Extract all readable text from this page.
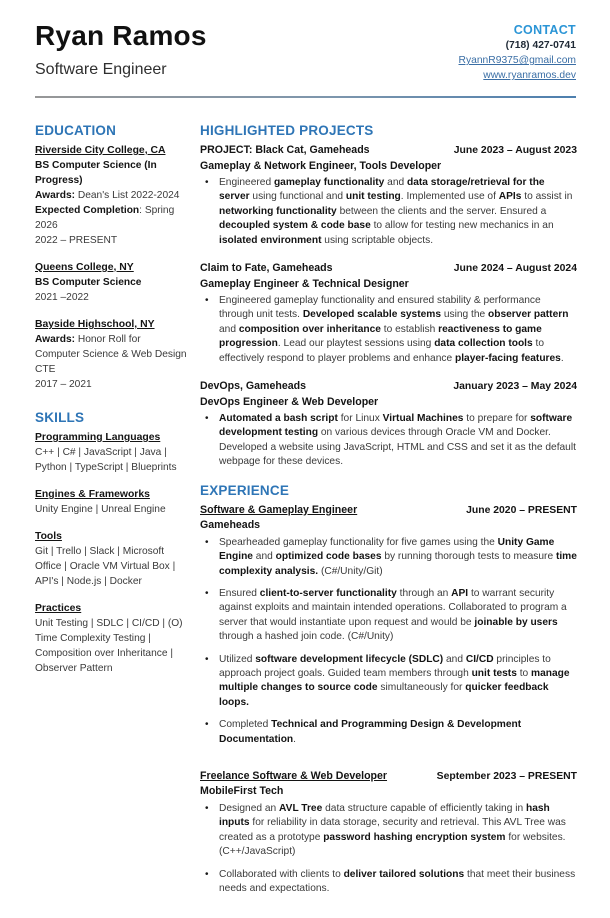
Ryan Ramos
Software Engineer
CONTACT
(718) 427-0741
RyannR9375@gmail.com
www.ryanramos.dev
EDUCATION
Riverside City College, CA
BS Computer Science (In Progress)
Awards: Dean's List 2022-2024
Expected Completion: Spring 2026
2022 – PRESENT
Queens College, NY
BS Computer Science
2021 –2022
Bayside Highschool, NY
Awards: Honor Roll for Computer Science & Web Design CTE
2017 – 2021
SKILLS
Programming Languages
C++ | C# | JavaScript | Java | Python | TypeScript | Blueprints
Engines & Frameworks
Unity Engine | Unreal Engine
Tools
Git | Trello | Slack | Microsoft Office | Oracle VM Virtual Box | API's | Node.js | Docker
Practices
Unit Testing | SDLC | CI/CD | (O) Time Complexity Testing | Composition over Inheritance | Observer Pattern
HIGHLIGHTED PROJECTS
PROJECT: Black Cat, Gameheads	June 2023 – August 2023
Gameplay & Network Engineer, Tools Developer
• Engineered gameplay functionality and data storage/retrieval for the server using functional and unit testing. Implemented use of APIs to assist in networking functionality between the clients and the server. Ensured a decoupled system & code base to allow for testing new mechanics in an isolated environment using scriptable objects.
Claim to Fate, Gameheads	June 2024 – August 2024
Gameplay Engineer & Technical Designer
• Engineered gameplay functionality and ensured stability & performance through unit tests. Developed scalable systems using the observer pattern and composition over inheritance to establish reactiveness to game progression. Lead our playtest sessions using data collection tools to effectively respond to player problems and enhance player-facing features.
DevOps, Gameheads	January 2023 – May 2024
DevOps Engineer & Web Developer
• Automated a bash script for Linux Virtual Machines to prepare for software development testing on various devices through Oracle VM and Docker. Developed a website using JavaScript, HTML and CSS and set it as the default webpage for these devices.
EXPERIENCE
Software & Gameplay Engineer	June 2020 – PRESENT
Gameheads
• Spearheaded gameplay functionality for five games using the Unity Game Engine and optimized code bases by running thorough tests to measure time complexity analysis. (C#/Unity/Git)
• Ensured client-to-server functionality through an API to warrant security against exploits and maintain intended operations. Collaborated to program a server that would instantiate upon request and would be joinable by users through a hashed join code. (C#/Unity)
• Utilized software development lifecycle (SDLC) and CI/CD principles to approach project goals. Guided team members through unit tests to manage multiple changes to source code simultaneously for quicker feedback loops.
• Completed Technical and Programming Design & Development Documentation.
Freelance Software & Web Developer	September 2023 – PRESENT
MobileFirst Tech
• Designed an AVL Tree data structure capable of efficiently taking in hash inputs for reliability in data storage, security and retrieval. This AVL Tree was created as a prototype password hashing encryption system for websites. (C++/JavaScript)
• Collaborated with clients to deliver tailored solutions that meet their business needs and expectations.
